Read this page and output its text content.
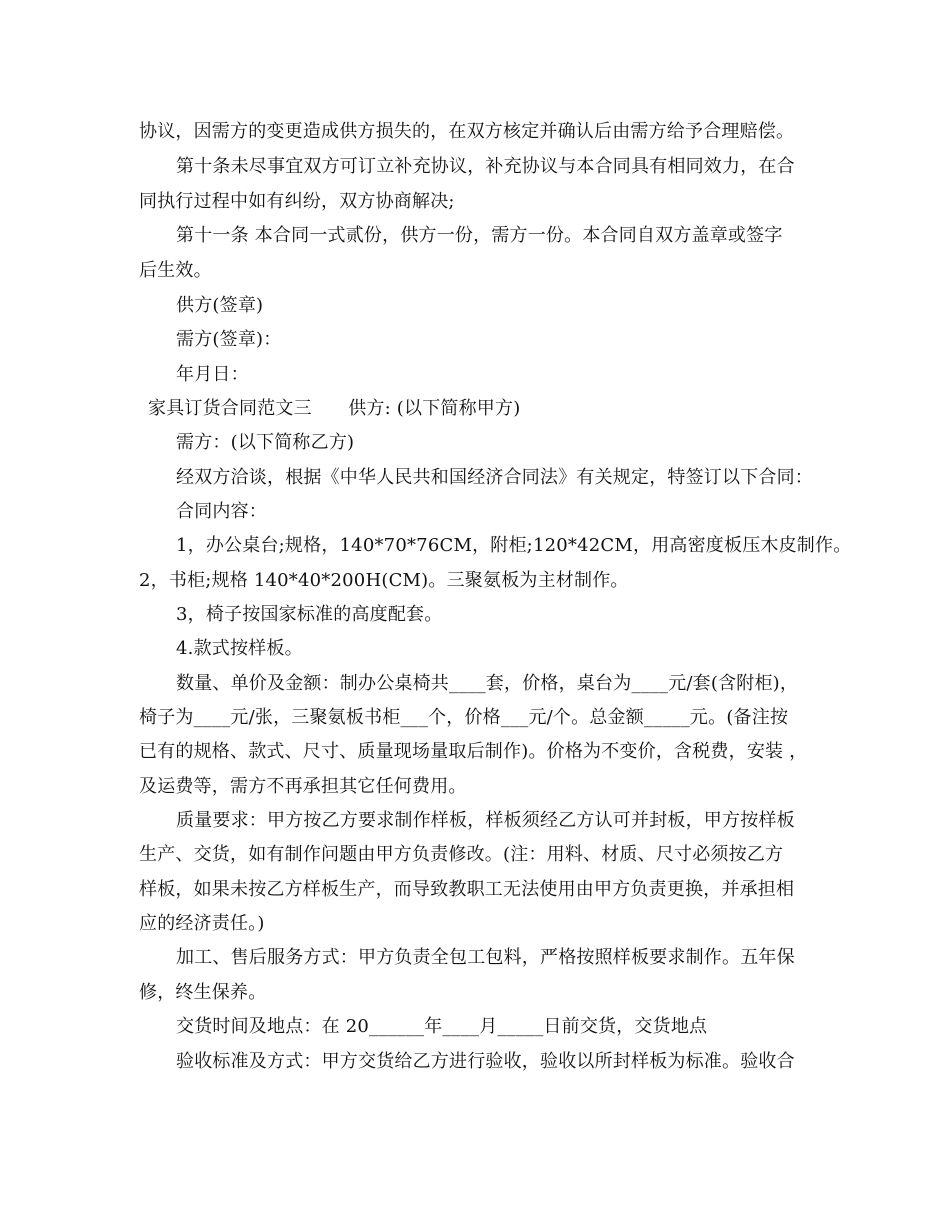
协议，因需方的变更造成供方损失的，在双方核定并确认后由需方给予合理赔偿。
第十条未尽事宜双方可订立补充协议，补充协议与本合同具有相同效力，在合
同执行过程中如有纠纷，双方协商解决;
第十一条 本合同一式贰份，供方一份，需方一份。本合同自双方盖章或签字
后生效。
供方(签章)
需方(签章)：
年月日：
家具订货合同范文三　　供方: (以下简称甲方)
需方：(以下简称乙方)
经双方洽谈，根据《中华人民共和国经济合同法》有关规定，特签订以下合同：
合同内容：
1，办公桌台;规格，140*70*76CM，附柜;120*42CM，用高密度板压木皮制作。
2，书柜;规格 140*40*200H(CM)。三聚氨板为主材制作。
3，椅子按国家标准的高度配套。
4.款式按样板。
数量、单价及金额：制办公桌椅共____套，价格，桌台为____元/套(含附柜)，
椅子为____元/张，三聚氨板书柜___个，价格___元/个。总金额_____元。(备注按
已有的规格、款式、尺寸、质量现场量取后制作)。价格为不变价，含税费，安装 ，
及运费等，需方不再承担其它任何费用。
质量要求：甲方按乙方要求制作样板，样板须经乙方认可并封板，甲方按样板
生产、交货，如有制作问题由甲方负责修改。(注：用料、材质、尺寸必须按乙方
样板，如果未按乙方样板生产，而导致教职工无法使用由甲方负责更换，并承担相
应的经济责任。)
加工、售后服务方式：甲方负责全包工包料，严格按照样板要求制作。五年保
修，终生保养。
交货时间及地点：在 20______年____月_____日前交货，交货地点
验收标准及方式：甲方交货给乙方进行验收，验收以所封样板为标准。验收合
